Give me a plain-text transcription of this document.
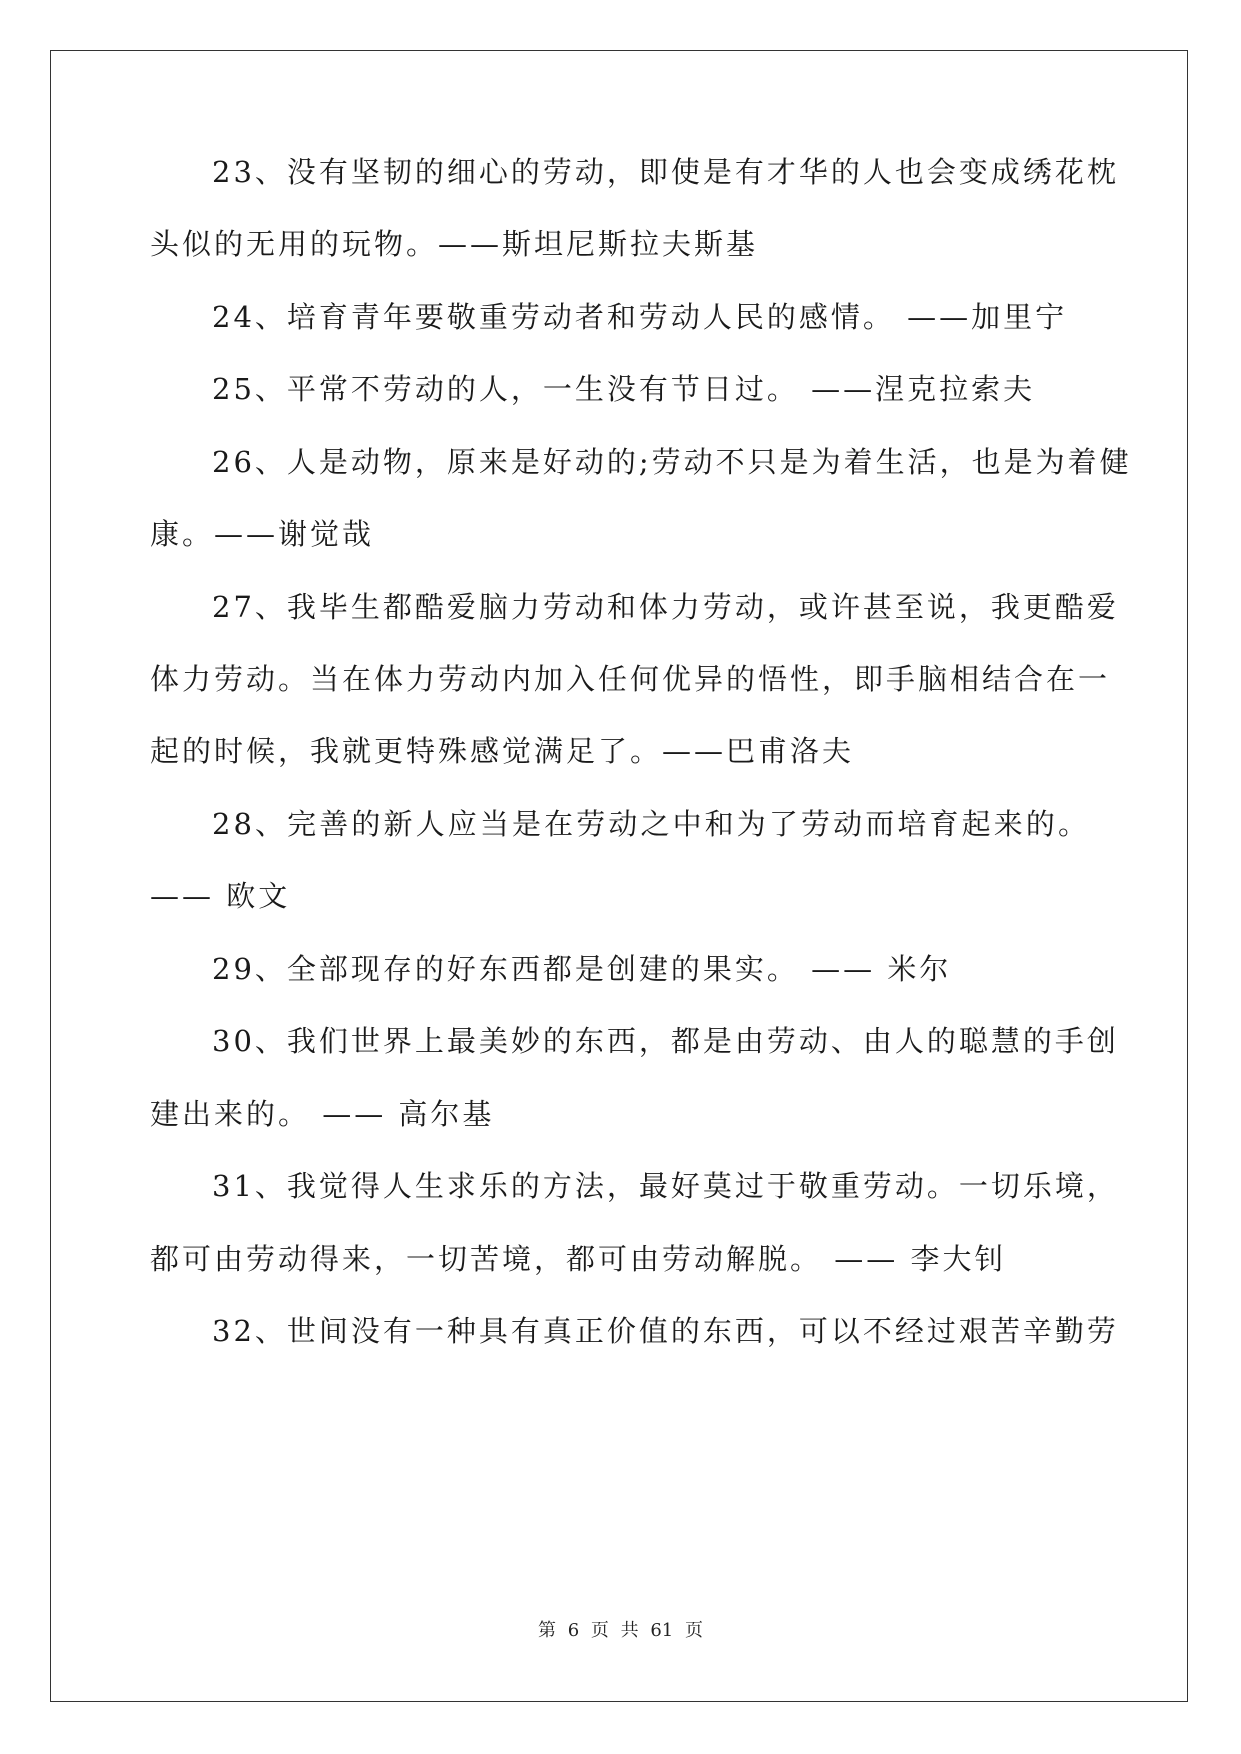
23、没有坚韧的细心的劳动，即使是有才华的人也会变成绣花枕
头似的无用的玩物。——斯坦尼斯拉夫斯基
24、培育青年要敬重劳动者和劳动人民的感情。 ——加里宁
25、平常不劳动的人，一生没有节日过。 ——涅克拉索夫
26、人是动物，原来是好动的;劳动不只是为着生活，也是为着健
康。——谢觉哉
27、我毕生都酷爱脑力劳动和体力劳动，或许甚至说，我更酷爱
体力劳动。当在体力劳动内加入任何优异的悟性，即手脑相结合在一
起的时候，我就更特殊感觉满足了。——巴甫洛夫
28、完善的新人应当是在劳动之中和为了劳动而培育起来的。
—— 欧文
29、全部现存的好东西都是创建的果实。 —— 米尔
30、我们世界上最美妙的东西，都是由劳动、由人的聪慧的手创
建出来的。 —— 高尔基
31、我觉得人生求乐的方法，最好莫过于敬重劳动。一切乐境，
都可由劳动得来，一切苦境，都可由劳动解脱。 —— 李大钊
32、世间没有一种具有真正价值的东西，可以不经过艰苦辛勤劳
第 6 页 共 61 页
